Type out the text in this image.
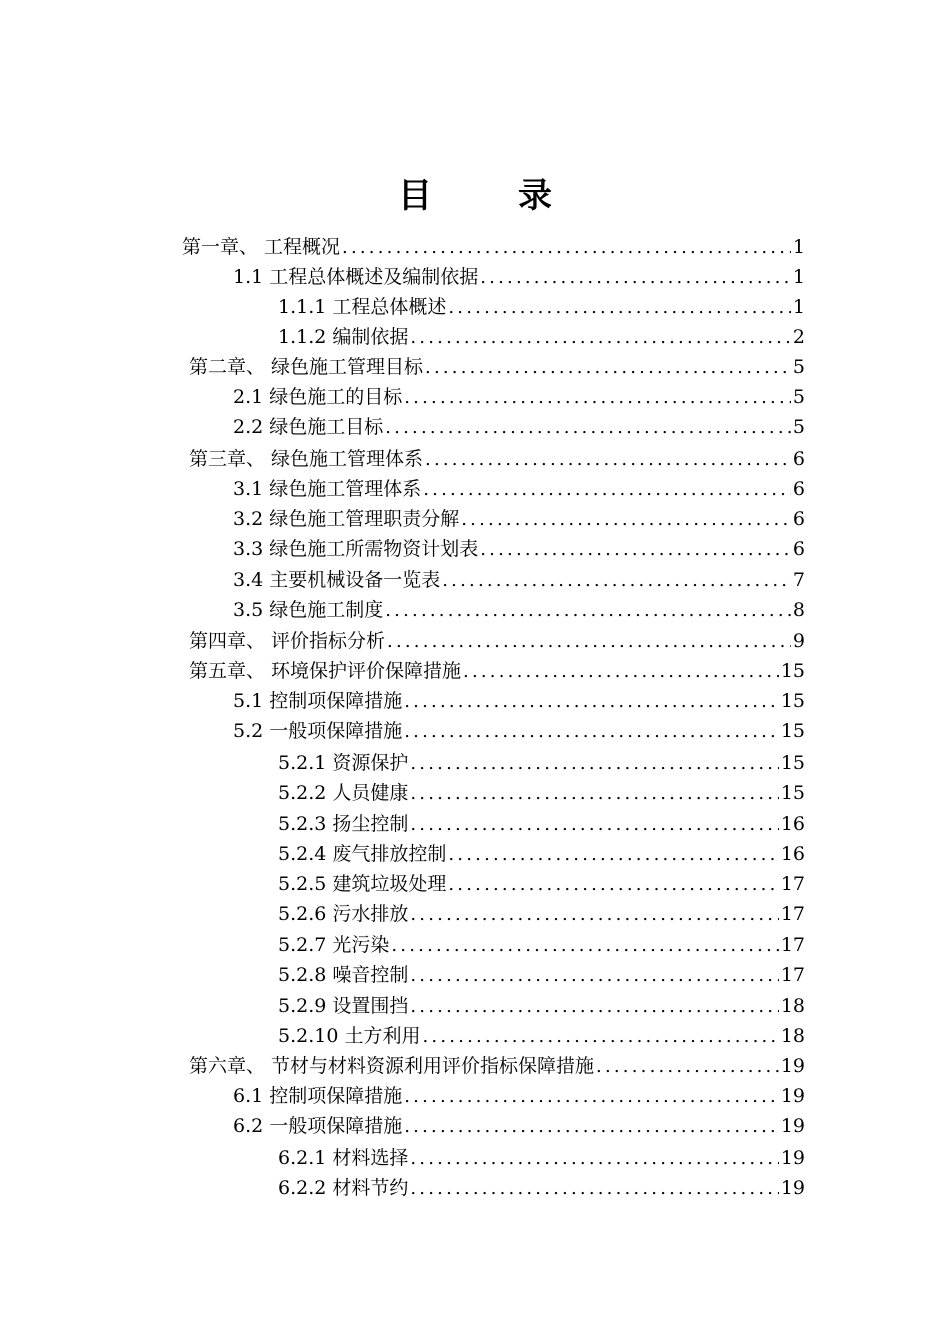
目　录
第一章、 工程概况 .....	1
1.1 工程总体概述及编制依据 .....	1
1.1.1 工程总体概述 .....	1
1.1.2 编制依据 .....	2
第二章、 绿色施工管理目标 .....	5
2.1 绿色施工的目标 .....	5
2.2 绿色施工目标 .....	5
第三章、 绿色施工管理体系 .....	6
3.1 绿色施工管理体系 .....	6
3.2 绿色施工管理职责分解 .....	6
3.3 绿色施工所需物资计划表 .....	6
3.4 主要机械设备一览表 .....	7
3.5 绿色施工制度 .....	8
第四章、 评价指标分析 .....	9
第五章、 环境保护评价保障措施 .....	15
5.1 控制项保障措施 .....	15
5.2 一般项保障措施 .....	15
5.2.1 资源保护 .....	15
5.2.2 人员健康 .....	15
5.2.3 扬尘控制 .....	16
5.2.4 废气排放控制 .....	16
5.2.5 建筑垃圾处理 .....	17
5.2.6 污水排放 .....	17
5.2.7 光污染 .....	17
5.2.8 噪音控制 .....	17
5.2.9 设置围挡 .....	18
5.2.10 土方利用 .....	18
第六章、 节材与材料资源利用评价指标保障措施 .....	19
6.1 控制项保障措施 .....	19
6.2 一般项保障措施 .....	19
6.2.1 材料选择 .....	19
6.2.2 材料节约 .....	19
